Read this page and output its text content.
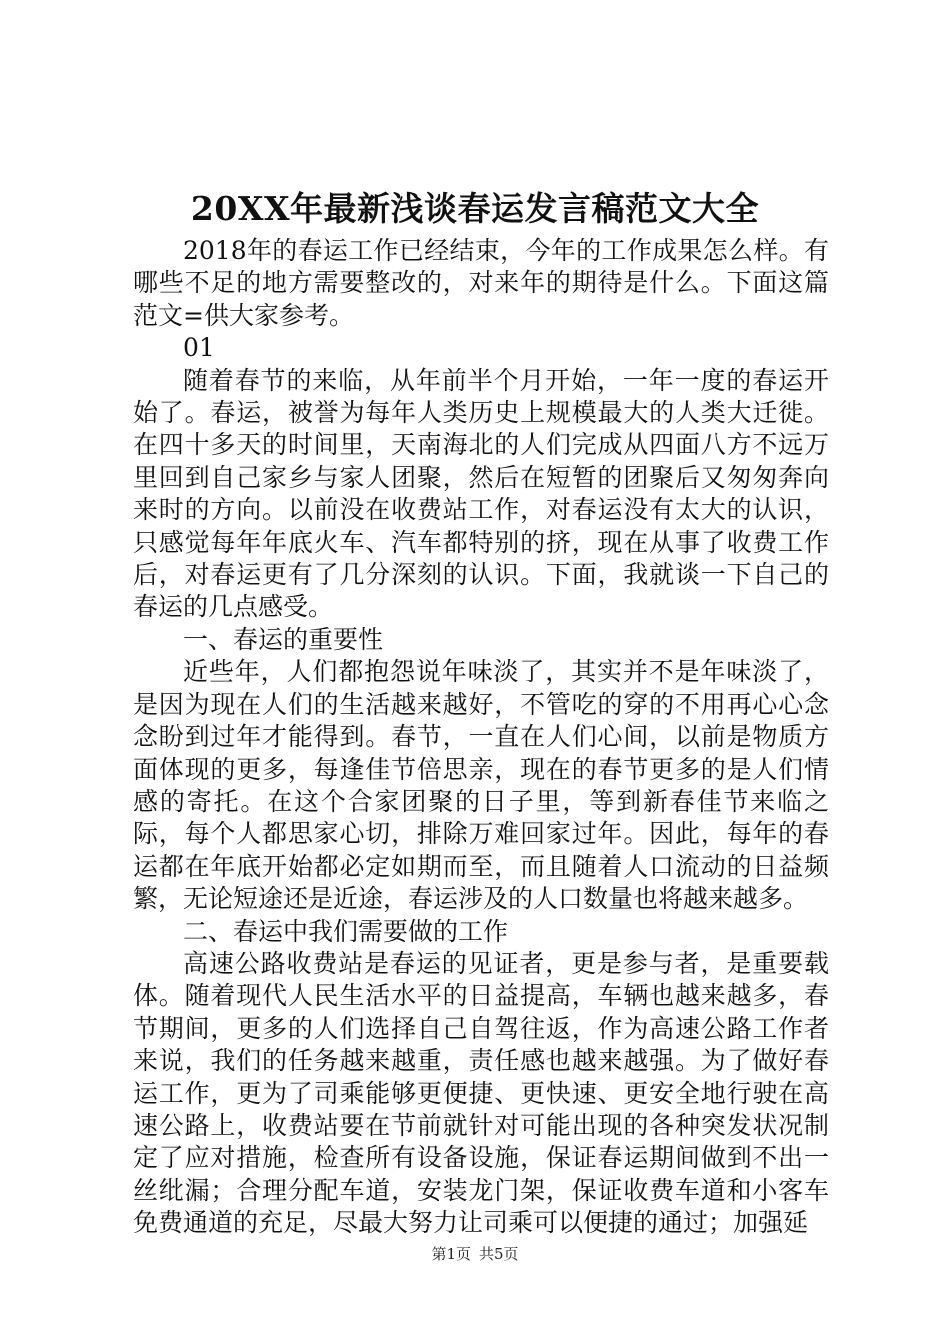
20XX年最新浅谈春运发言稿范文大全

2018年的春运工作已经结束，今年的工作成果怎么样。有哪些不足的地方需要整改的，对来年的期待是什么。下面这篇范文=供大家参考。

01

随着春节的来临，从年前半个月开始，一年一度的春运开始了。春运，被誉为每年人类历史上规模最大的人类大迁徙。在四十多天的时间里，天南海北的人们完成从四面八方不远万里回到自己家乡与家人团聚，然后在短暂的团聚后又匆匆奔向来时的方向。以前没在收费站工作，对春运没有太大的认识，只感觉每年年底火车、汽车都特别的挤，现在从事了收费工作后，对春运更有了几分深刻的认识。下面，我就谈一下自己的春运的几点感受。

一、春运的重要性

近些年，人们都抱怨说年味淡了，其实并不是年味淡了，是因为现在人们的生活越来越好，不管吃的穿的不用再心心念念盼到过年才能得到。春节，一直在人们心间，以前是物质方面体现的更多，每逢佳节倍思亲，现在的春节更多的是人们情感的寄托。在这个合家团聚的日子里，等到新春佳节来临之际，每个人都思家心切，排除万难回家过年。因此，每年的春运都在年底开始都必定如期而至，而且随着人口流动的日益频繁，无论短途还是近途，春运涉及的人口数量也将越来越多。

二、春运中我们需要做的工作

高速公路收费站是春运的见证者，更是参与者，是重要载体。随着现代人民生活水平的日益提高，车辆也越来越多，春节期间，更多的人们选择自己自驾往返，作为高速公路工作者来说，我们的任务越来越重，责任感也越来越强。为了做好春运工作，更为了司乘能够更便捷、更快速、更安全地行驶在高速公路上，收费站要在节前就针对可能出现的各种突发状况制定了应对措施，检查所有设备设施，保证春运期间做到不出一丝纰漏；合理分配车道，安装龙门架，保证收费车道和小客车免费通道的充足，尽最大努力让司乘可以便捷的通过；加强延

第1页 共5页
